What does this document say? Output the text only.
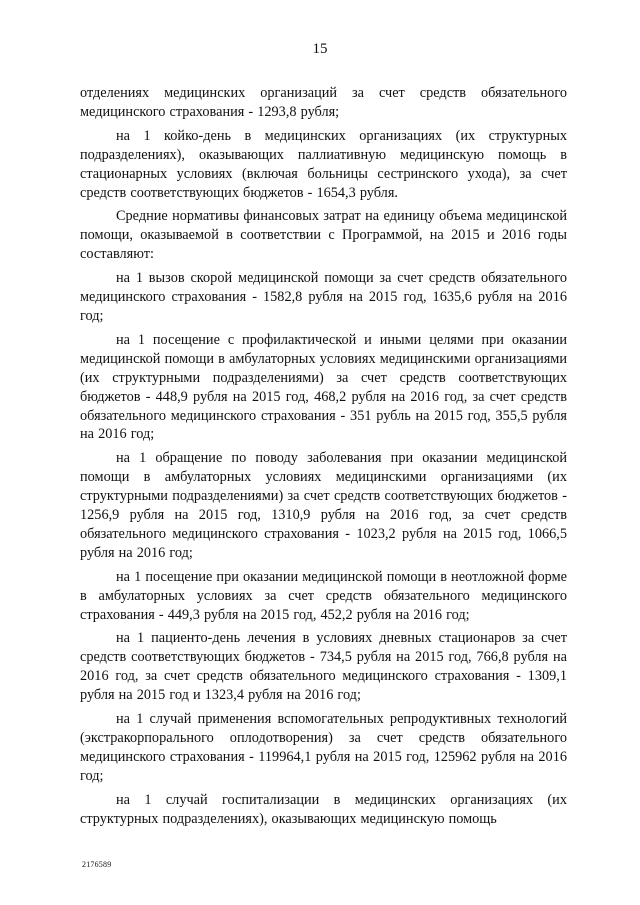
15

отделениях медицинских организаций за счет средств обязательного медицинского страхования - 1293,8 рубля;

на 1 койко-день в медицинских организациях (их структурных подразделениях), оказывающих паллиативную медицинскую помощь в стационарных условиях (включая больницы сестринского ухода), за счет средств соответствующих бюджетов - 1654,3 рубля.

Средние нормативы финансовых затрат на единицу объема медицинской помощи, оказываемой в соответствии с Программой, на 2015 и 2016 годы составляют:

на 1 вызов скорой медицинской помощи за счет средств обязательного медицинского страхования - 1582,8 рубля на 2015 год, 1635,6 рубля на 2016 год;

на 1 посещение с профилактической и иными целями при оказании медицинской помощи в амбулаторных условиях медицинскими организациями (их структурными подразделениями) за счет средств соответствующих бюджетов - 448,9 рубля на 2015 год, 468,2 рубля на 2016 год, за счет средств обязательного медицинского страхования - 351 рубль на 2015 год, 355,5 рубля на 2016 год;

на 1 обращение по поводу заболевания при оказании медицинской помощи в амбулаторных условиях медицинскими организациями (их структурными подразделениями) за счет средств соответствующих бюджетов - 1256,9 рубля на 2015 год, 1310,9 рубля на 2016 год, за счет средств обязательного медицинского страхования - 1023,2 рубля на 2015 год, 1066,5 рубля на 2016 год;

на 1 посещение при оказании медицинской помощи в неотложной форме в амбулаторных условиях за счет средств обязательного медицинского страхования - 449,3 рубля на 2015 год, 452,2 рубля на 2016 год;

на 1 пациенто-день лечения в условиях дневных стационаров за счет средств соответствующих бюджетов - 734,5 рубля на 2015 год, 766,8 рубля на 2016 год, за счет средств обязательного медицинского страхования - 1309,1 рубля на 2015 год и 1323,4 рубля на 2016 год;

на 1 случай применения вспомогательных репродуктивных технологий (экстракорпорального оплодотворения) за счет средств обязательного медицинского страхования - 119964,1 рубля на 2015 год, 125962 рубля на 2016 год;

на 1 случай госпитализации в медицинских организациях (их структурных подразделениях), оказывающих медицинскую помощь

2176589
